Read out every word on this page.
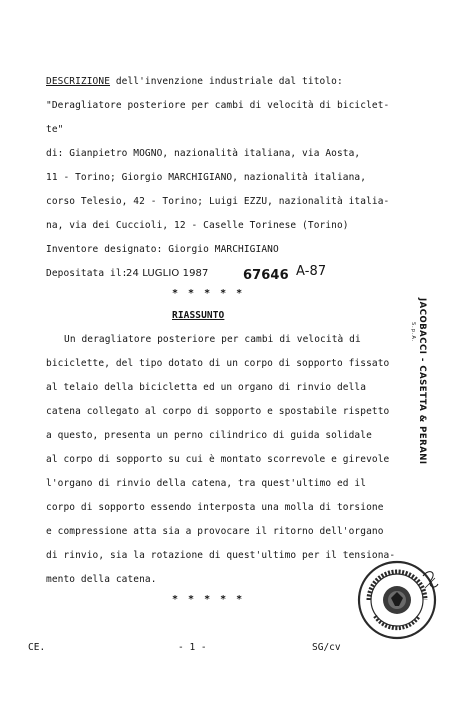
DESCRIZIONE dell'invenzione industriale dal titolo:
"Deragliatore posteriore per cambi di velocità di biciclet-
te"
di: Gianpietro MOGNO, nazionalità italiana, via Aosta,
11 - Torino; Giorgio MARCHIGIANO, nazionalità italiana,
corso Telesio, 42 - Torino; Luigi EZZU, nazionalità italia-
na, via dei Cuccioli, 12 - Caselle Torinese (Torino)
Inventore designato: Giorgio MARCHIGIANO
Depositata il:
24 LUGLIO 1987	67646 A-87
* * * * *
RIASSUNTO
Un deragliatore posteriore per cambi di velocità di
biciclette, del tipo dotato di un corpo di sopporto fissato
al telaio della bicicletta ed un organo di rinvio della
catena collegato al corpo di sopporto e spostabile rispetto
a questo, presenta un perno cilindrico di guida solidale
al corpo di sopporto su cui è montato scorrevole e girevole
l'organo di rinvio della catena, tra quest'ultimo ed il
corpo di sopporto essendo interposta una molla di torsione
e compressione atta sia a provocare il ritorno dell'organo
di rinvio, sia la rotazione di quest'ultimo per il tensiona-
mento della catena.
* * * * *
JACOBACCI - CASETTA & PERANI
S.p.A.
CE.	- 1 -	SG/cv
